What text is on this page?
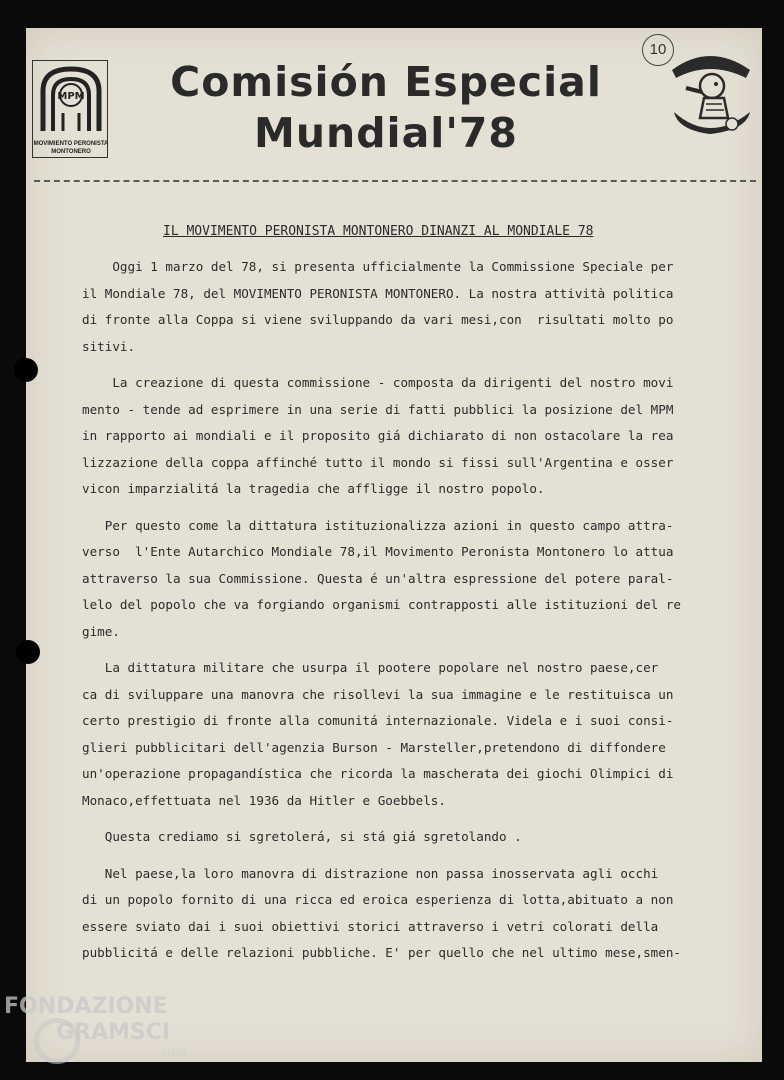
MPM
MOVIMIENTO PERONISTA
MONTONERO
Comisión Especial
Mundial'78
10
IL MOVIMENTO PERONISTA MONTONERO DINANZI AL MONDIALE 78
Oggi 1 marzo del 78, si presenta ufficialmente la Commissione Speciale per
il Mondiale 78, del MOVIMENTO PERONISTA MONTONERO. La nostra attività politica
di fronte alla Coppa si viene sviluppando da vari mesi,con  risultati molto po
sitivi.
La creazione di questa commissione - composta da dirigenti del nostro movi
mento - tende ad esprimere in una serie di fatti pubblici la posizione del MPM
in rapporto ai mondiali e il proposito giá dichiarato di non ostacolare la rea
lizzazione della coppa affinché tutto il mondo si fissi sull'Argentina e osser
vicon imparzialitá la tragedia che affligge il nostro popolo.
Per questo come la dittatura istituzionalizza azioni in questo campo attra-
verso  l'Ente Autarchico Mondiale 78,il Movimento Peronista Montonero lo attua
attraverso la sua Commissione. Questa é un'altra espressione del potere paral-
lelo del popolo che va forgiando organismi contrapposti alle istituzioni del re
gime.
La dittatura militare che usurpa il pootere popolare nel nostro paese,cer
ca di sviluppare una manovra che risollevi la sua immagine e le restituisca un
certo prestigio di fronte alla comunitá internazionale. Videla e i suoi consi-
glieri pubblicitari dell'agenzia Burson - Marsteller,pretendono di diffondere
un'operazione propagandística che ricorda la mascherata dei giochi Olimpici di
Monaco,effettuata nel 1936 da Hitler e Goebbels.
Questa crediamo si sgretolerá, si stá giá sgretolando .
Nel paese,la loro manovra di distrazione non passa inosservata agli occhi
di un popolo fornito di una ricca ed eroica esperienza di lotta,abituato a non
essere sviato dai i suoi obiettivi storici attraverso i vetri colorati della
pubblicitá e delle relazioni pubbliche. E' per quello che nel ultimo mese,smen-
FONDAZIONE
GRAMSCI
onlus
